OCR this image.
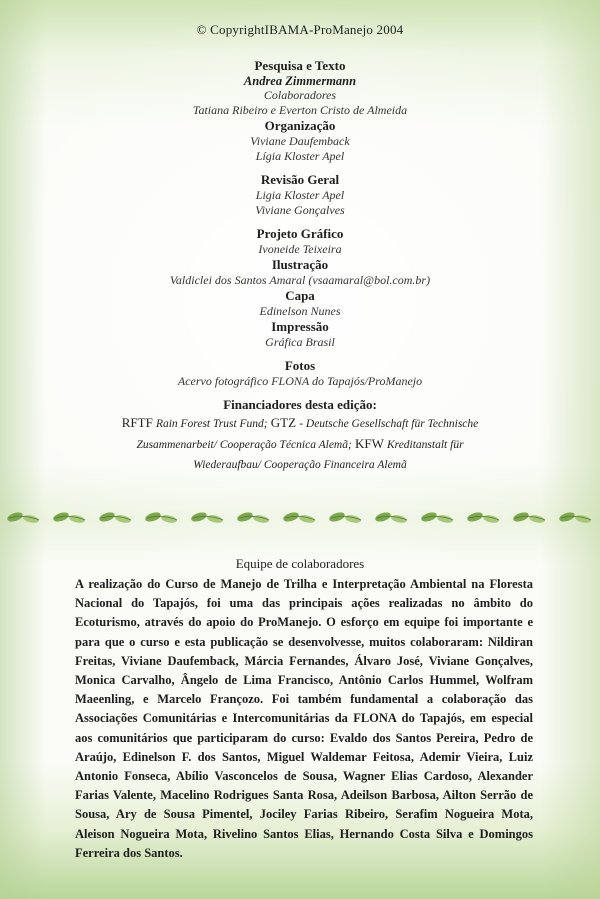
© CopyrightIBAMA-ProManejo 2004
Pesquisa e Texto
Andrea Zimmermann
Colaboradores
Tatiana Ribeiro e Everton Cristo de Almeida
Organização
Viviane Daufemback
Lígia Kloster Apel
Revisão Geral
Ligia Kloster Apel
Viviane Gonçalves
Projeto Gráfico
Ivoneide Teixeira
Ilustração
Valdiclei dos Santos Amaral (vsaamaral@bol.com.br)
Capa
Edinelson Nunes
Impressão
Gráfica Brasil
Fotos
Acervo fotográfico FLONA do Tapajós/ProManejo
Financiadores desta edição:
RFTF Rain Forest Trust Fund; GTZ - Deutsche Gesellschaft für Technische
Zusammenarbeit/ Cooperação Técnica Alemã; KFW Kreditanstalt für
Wiederaufbau/ Cooperação Financeira Alemã
Equipe de colaboradores
A realização do Curso de Manejo de Trilha e Interpretação Ambiental na Floresta Nacional do Tapajós, foi uma das principais ações realizadas no âmbito do Ecoturismo, através do apoio do ProManejo. O esforço em equipe foi importante e para que o curso e esta publicação se desenvolvesse, muitos colaboraram: Nildiran Freitas, Viviane Daufemback, Márcia Fernandes, Álvaro José, Viviane Gonçalves, Monica Carvalho, Ângelo de Lima Francisco, Antônio Carlos Hummel, Wolfram Maeenling, e Marcelo Françozo. Foi também fundamental a colaboração das Associações Comunitárias e Intercomunitárias da FLONA do Tapajós, em especial aos comunitários que participaram do curso: Evaldo dos Santos Pereira, Pedro de Araújo, Edinelson F. dos Santos, Miguel Waldemar Feitosa, Ademir Vieira, Luiz Antonio Fonseca, Abílio Vasconcelos de Sousa, Wagner Elias Cardoso, Alexander Farias Valente, Macelino Rodrigues Santa Rosa, Adeilson Barbosa, Ailton Serrão de Sousa, Ary de Sousa Pimentel, Jociley Farias Ribeiro, Serafim Nogueira Mota, Aleison Nogueira Mota, Rivelino Santos Elias, Hernando Costa Silva e Domingos Ferreira dos Santos.
